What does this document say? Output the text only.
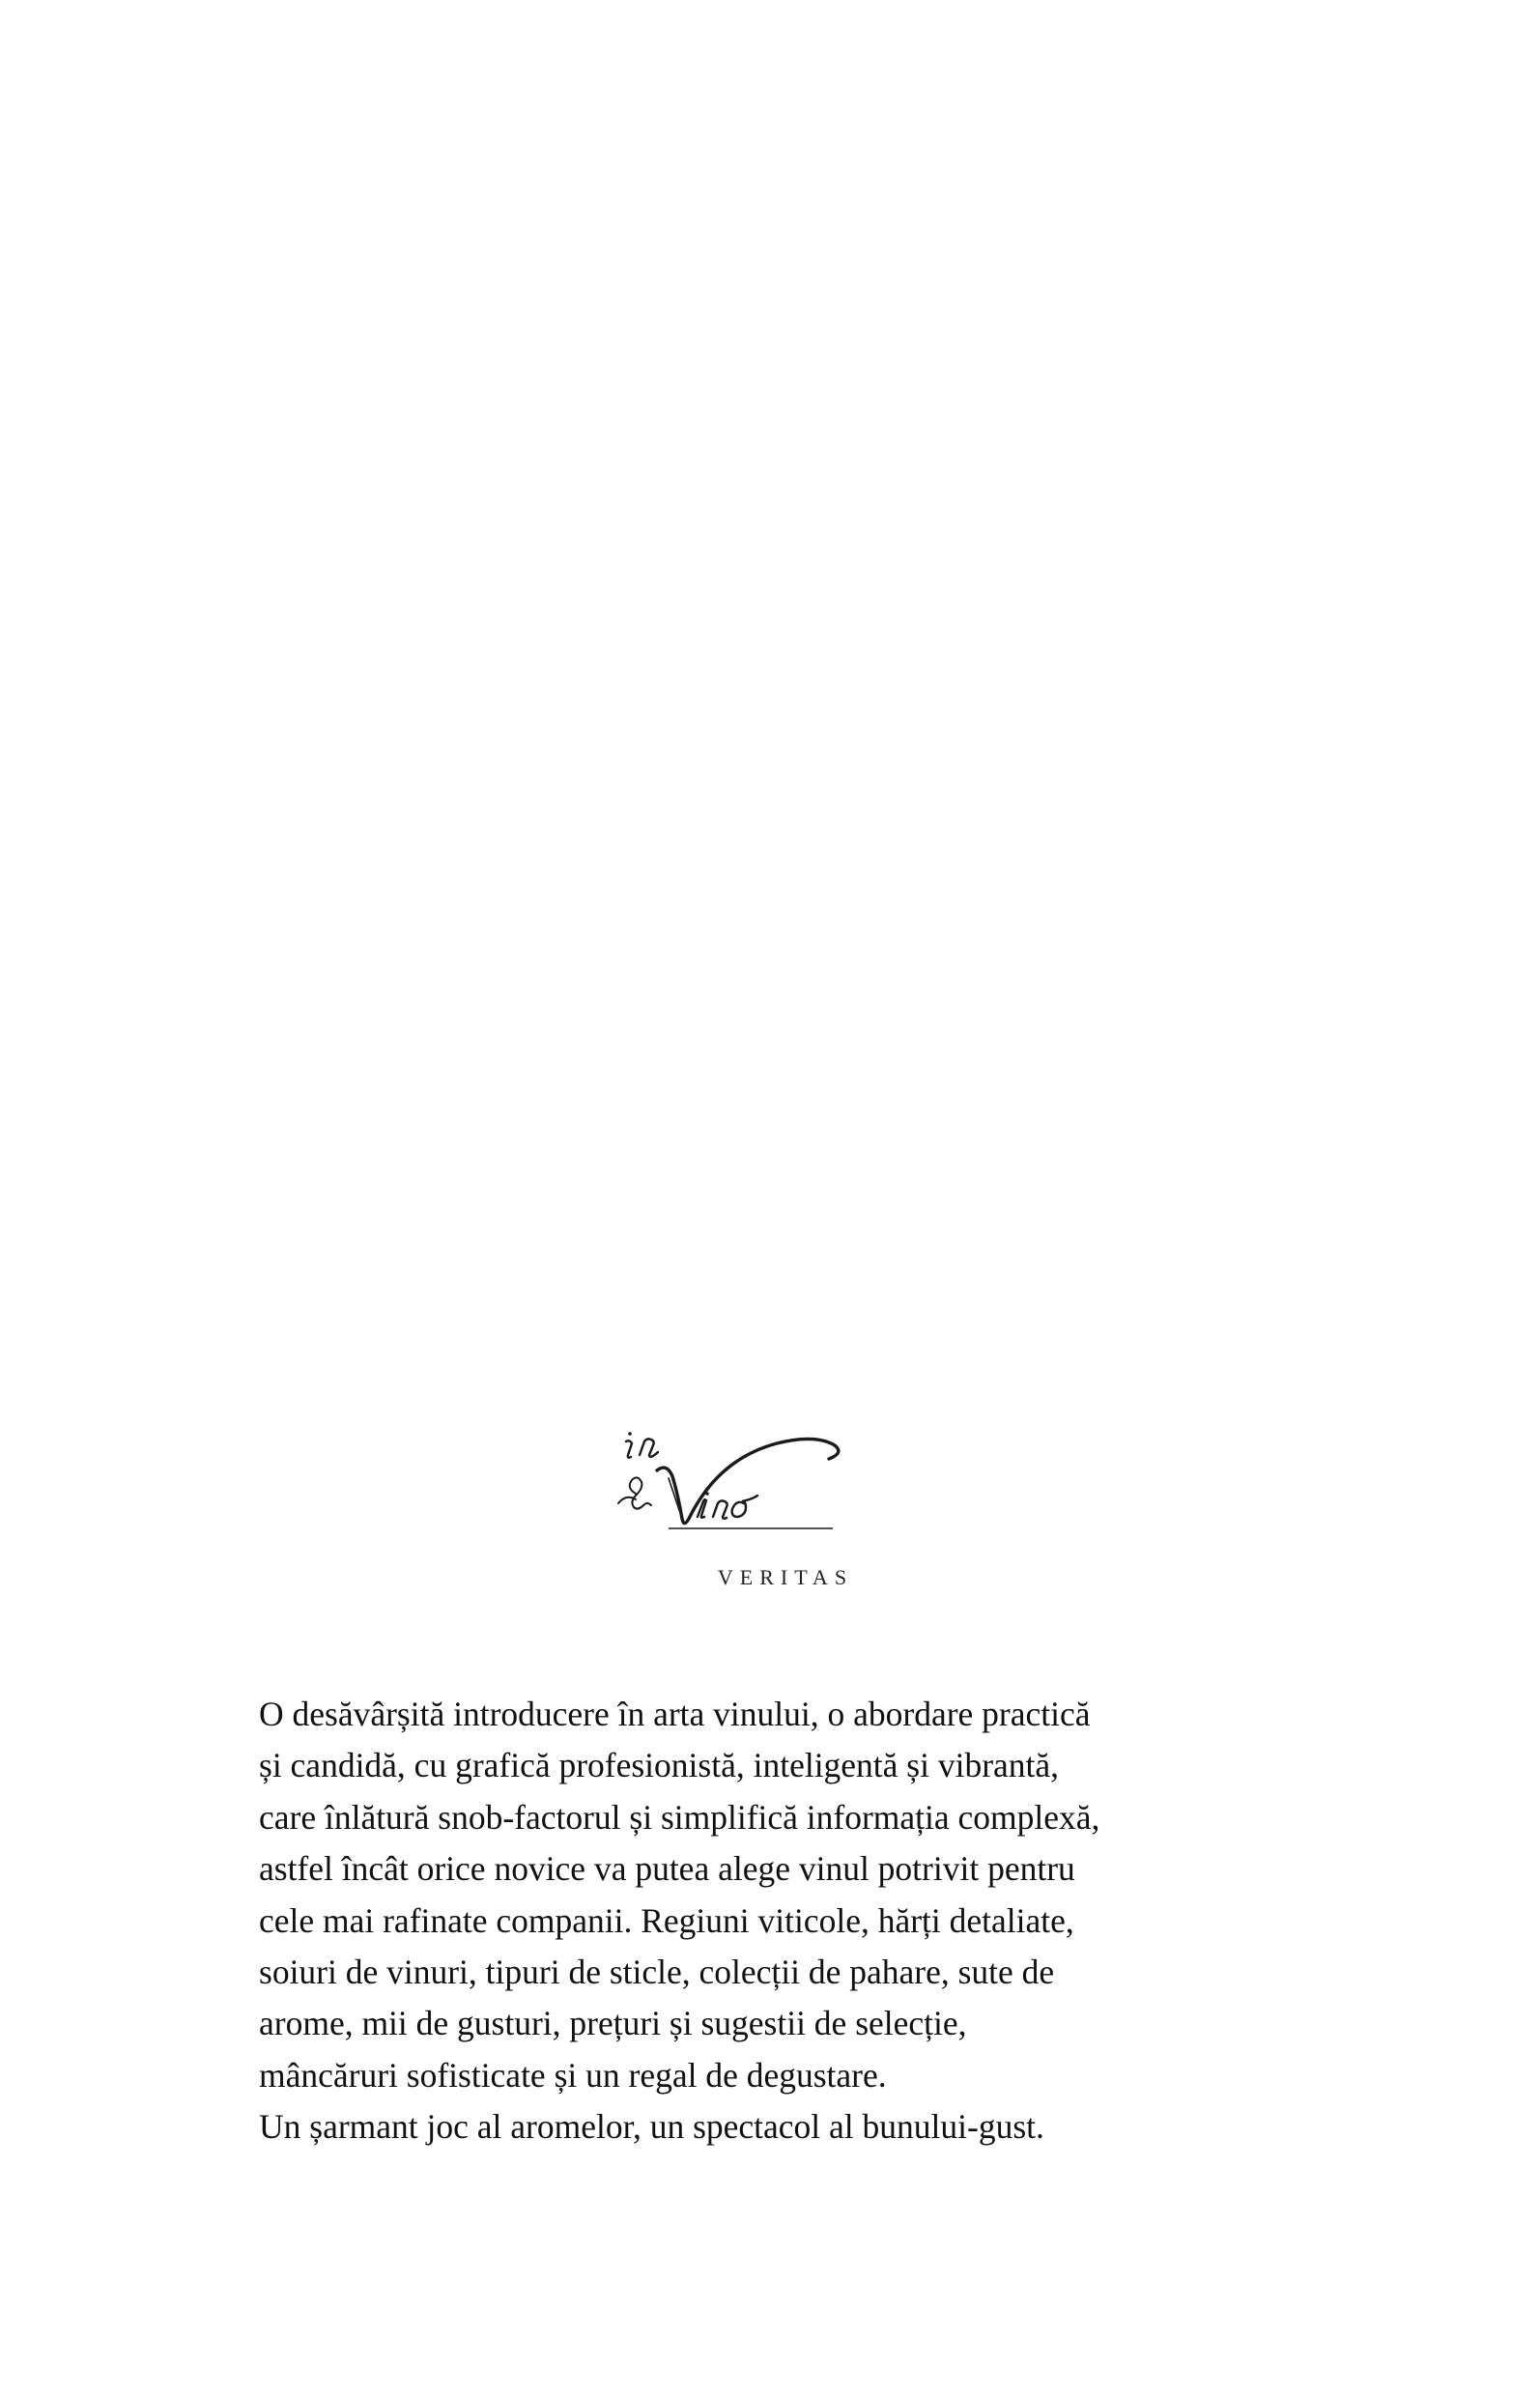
VERITAS
O desăvârșită introducere în arta vinului, o abordare practică
și candidă, cu grafică profesionistă, inteligentă și vibrantă,
care înlătură snob-factorul și simplifică informația complexă,
astfel încât orice novice va putea alege vinul potrivit pentru
cele mai rafinate companii. Regiuni viticole, hărți detaliate,
soiuri de vinuri, tipuri de sticle, colecții de pahare, sute de
arome, mii de gusturi, prețuri și sugestii de selecție,
mâncăruri sofisticate și un regal de degustare.
Un șarmant joc al aromelor, un spectacol al bunului-gust.
